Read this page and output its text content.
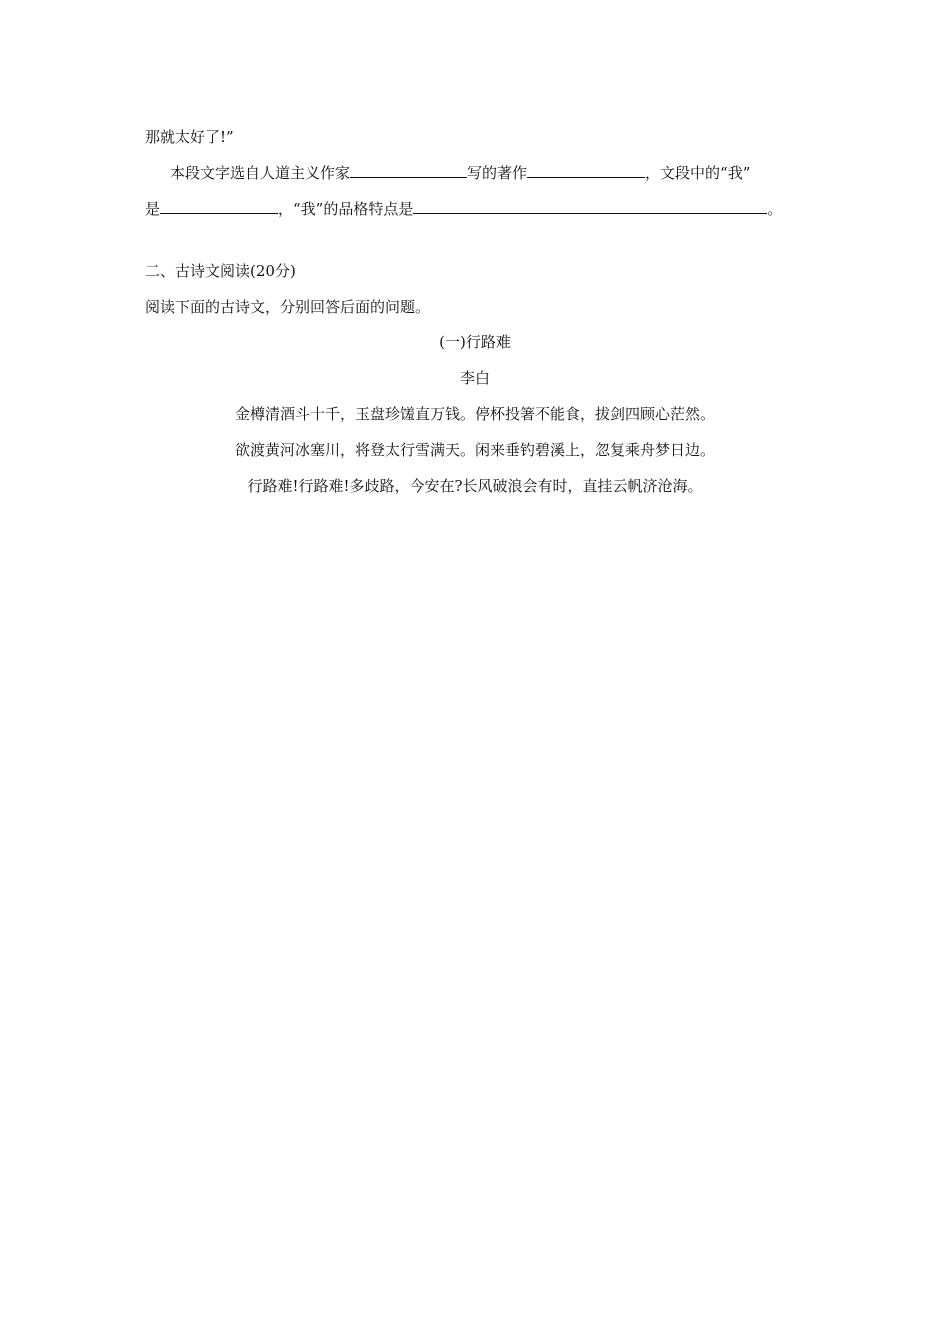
那就太好了!”
本段文字选自人道主义作家	写的著作	，文段中的“我”
是	，“我”的品格特点是	。
二、古诗文阅读(20分)
阅读下面的古诗文，分别回答后面的问题。
(一)行路难
李白
金樽清酒斗十千，玉盘珍馐直万钱。停杯投箸不能食，拔剑四顾心茫然。
欲渡黄河冰塞川，将登太行雪满天。闲来垂钓碧溪上，忽复乘舟梦日边。
行路难!行路难!多歧路，今安在?长风破浪会有时，直挂云帆济沧海。
